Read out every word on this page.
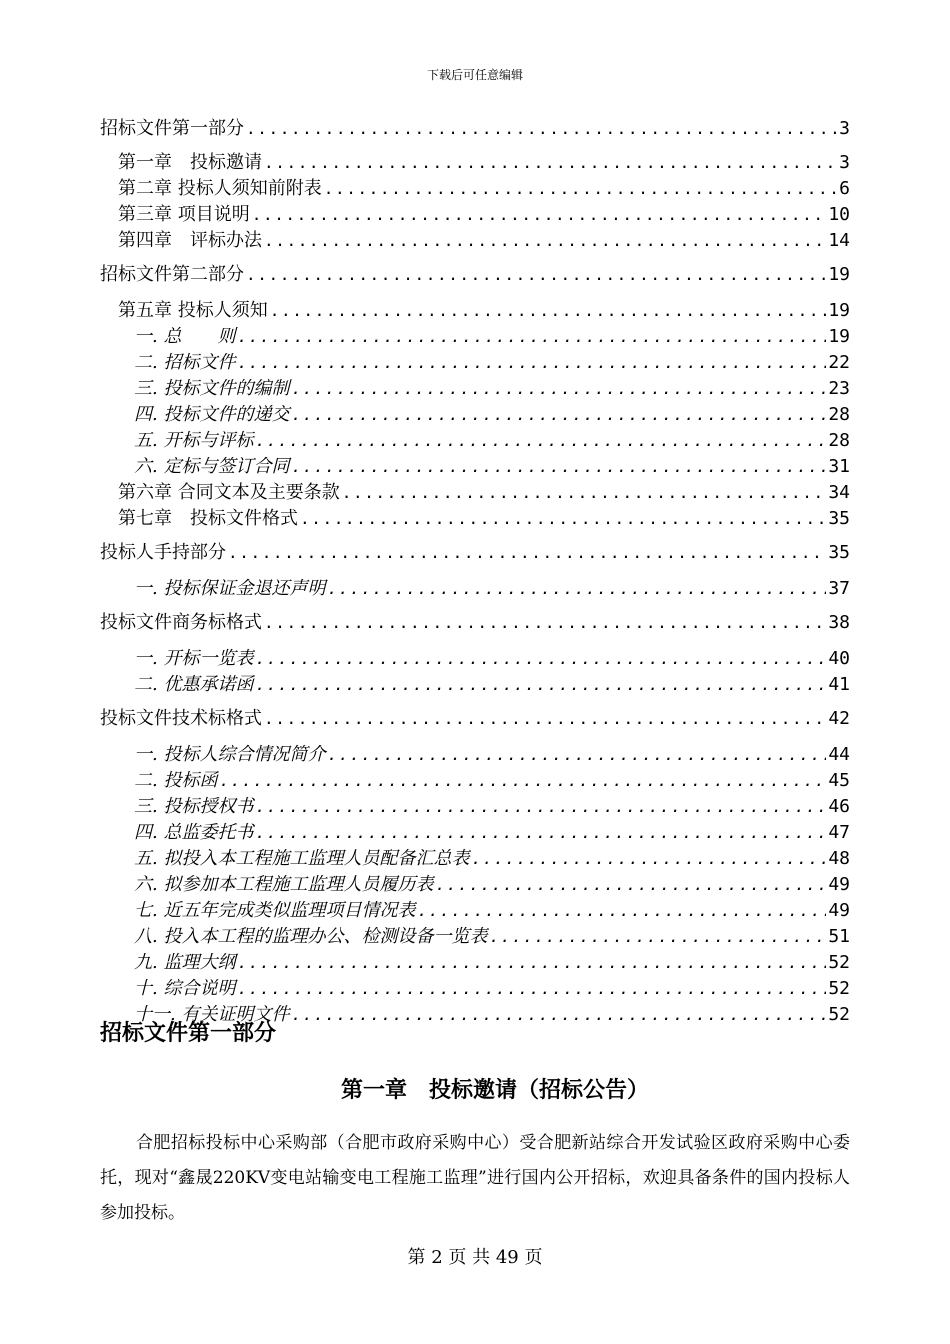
下载后可任意编辑
招标文件第一部分 .....	3
第一章　投标邀请 .....	3
第二章 投标人须知前附表 .....	6
第三章 项目说明 .....	10
第四章　评标办法 .....	14
招标文件第二部分 .....	19
第五章 投标人须知 .....	19
一. 总　　则 .....	19
二. 招标文件 .....	22
三. 投标文件的编制 .....	23
四. 投标文件的递交 .....	28
五. 开标与评标 .....	28
六. 定标与签订合同 .....	31
第六章 合同文本及主要条款 .....	34
第七章　投标文件格式 .....	35
投标人手持部分 .....	35
一. 投标保证金退还声明 .....	37
投标文件商务标格式 .....	38
一. 开标一览表 .....	40
二. 优惠承诺函 .....	41
投标文件技术标格式 .....	42
一. 投标人综合情况简介 .....	44
二. 投标函 .....	45
三. 投标授权书 .....	46
四. 总监委托书 .....	47
五. 拟投入本工程施工监理人员配备汇总表 .....	48
六. 拟参加本工程施工监理人员履历表 .....	49
七. 近五年完成类似监理项目情况表 .....	49
八. 投入本工程的监理办公、检测设备一览表 .....	51
九. 监理大纲 .....	52
十. 综合说明 .....	52
十一. 有关证明文件 .....	52
招标文件第一部分
第一章　投标邀请（招标公告）
合肥招标投标中心采购部（合肥市政府采购中心）受合肥新站综合开发试验区政府采购中心委托，现对“鑫晟220KV变电站输变电工程施工监理”进行国内公开招标，欢迎具备条件的国内投标人参加投标。
第 2 页 共 49 页
